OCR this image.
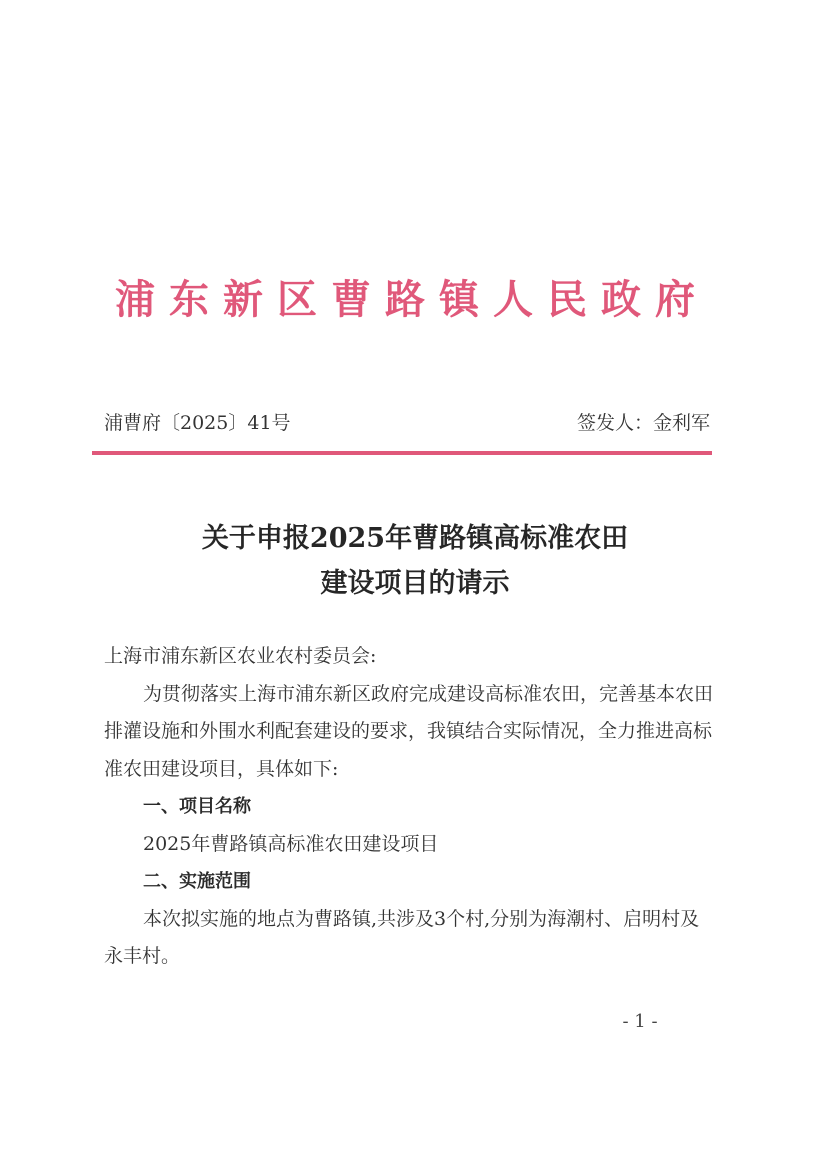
浦东新区曹路镇人民政府
浦曹府〔2025〕41号	签发人：金利军
关于申报2025年曹路镇高标准农田
建设项目的请示

上海市浦东新区农业农村委员会:

为贯彻落实上海市浦东新区政府完成建设高标准农田，完善基本农田排灌设施和外围水利配套建设的要求，我镇结合实际情况，全力推进高标准农田建设项目，具体如下:

一、项目名称

2025年曹路镇高标准农田建设项目

二、实施范围

本次拟实施的地点为曹路镇,共涉及3个村,分别为海潮村、启明村及永丰村。

- 1 -
